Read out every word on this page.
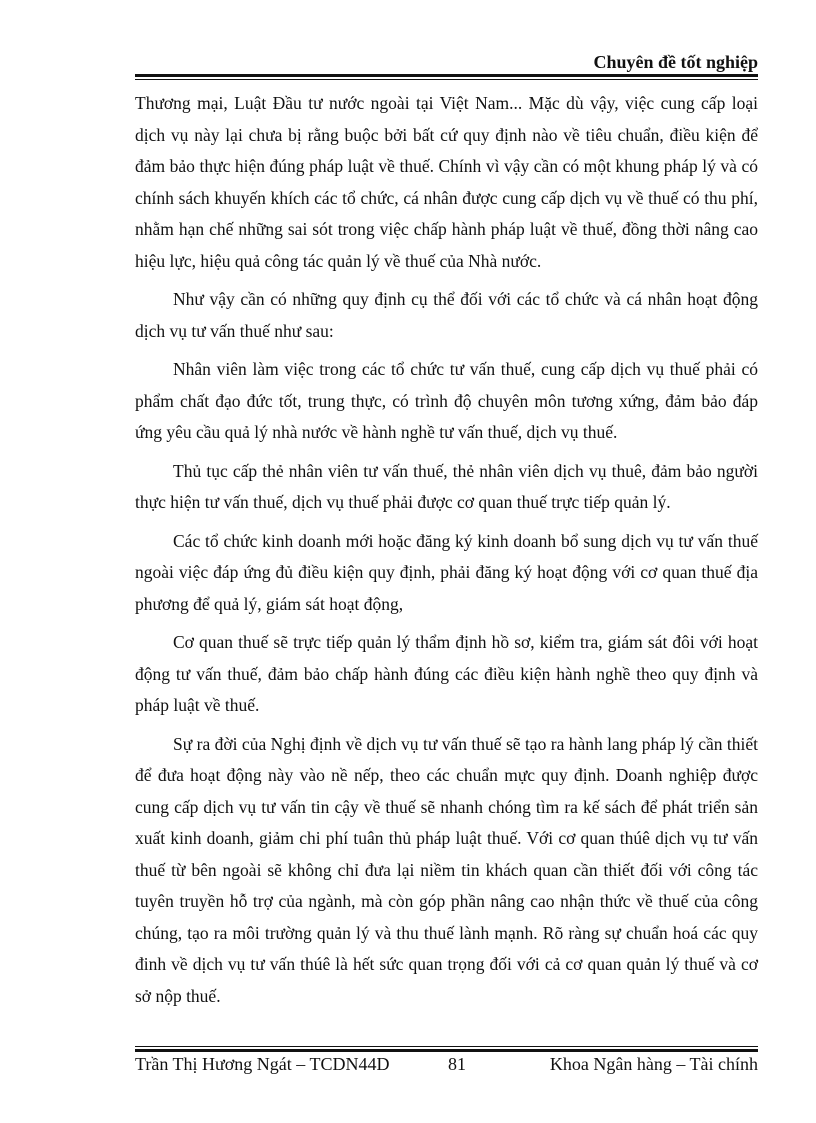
Chuyên đề tốt nghiệp

Thương mại, Luật Đầu tư nước ngoài tại Việt Nam... Mặc dù vậy, việc cung cấp loại dịch vụ này lại chưa bị rằng buộc bởi bất cứ quy định nào về tiêu chuẩn, điều kiện để đảm bảo thực hiện đúng pháp luật về thuế. Chính vì vậy cần có một khung pháp lý và có chính sách khuyến khích các tổ chức, cá nhân được cung cấp dịch vụ về thuế có thu phí, nhằm hạn chế những sai sót trong việc chấp hành pháp luật về thuế, đồng thời nâng cao hiệu lực, hiệu quả công tác quản lý về thuế của Nhà nước.

Như vậy cần có những quy định cụ thể đối với các tổ chức và cá nhân hoạt động dịch vụ tư vấn thuế như sau:

Nhân viên làm việc trong các tổ chức tư vấn thuế, cung cấp dịch vụ thuế phải có phẩm chất đạo đức tốt, trung thực, có trình độ chuyên môn tương xứng, đảm bảo đáp ứng yêu cầu quả lý nhà nước về hành nghề tư vấn thuế, dịch vụ thuế.

Thủ tục cấp thẻ nhân viên tư vấn thuế, thẻ nhân viên dịch vụ thuê, đảm bảo người thực hiện tư vấn thuế, dịch vụ thuế phải được cơ quan thuế trực tiếp quản lý.

Các tổ chức kinh doanh mới hoặc đăng ký kinh doanh bổ sung dịch vụ tư vấn thuế ngoài việc đáp ứng đủ điều kiện quy định, phải đăng ký hoạt động với cơ quan thuế địa phương để quả lý, giám sát hoạt động,

Cơ quan thuế sẽ trực tiếp quản lý thẩm định hồ sơ, kiểm tra, giám sát đôi với hoạt động tư vấn thuế, đảm bảo chấp hành đúng các điều kiện hành nghề theo quy định và pháp luật về thuế.

Sự ra đời của Nghị định về dịch vụ tư vấn thuế sẽ tạo ra hành lang pháp lý cần thiết để đưa hoạt động này vào nề nếp, theo các chuẩn mực quy định. Doanh nghiệp được cung cấp dịch vụ tư vấn tin cậy về thuế sẽ nhanh chóng tìm ra kế sách để phát triển sản xuất kinh doanh, giảm chi phí tuân thủ pháp luật thuế. Với cơ quan thúê dịch vụ tư vấn thuế từ bên ngoài sẽ không chỉ đưa lại niềm tin khách quan cần thiết đối với công tác tuyên truyền hỗ trợ của ngành, mà còn góp phần nâng cao nhận thức về thuế của công chúng, tạo ra môi trường quản lý và thu thuế lành mạnh. Rõ ràng sự chuẩn hoá các quy đinh về dịch vụ tư vấn thúê là hết sức quan trọng đối với cả cơ quan quản lý thuế và cơ sở nộp thuế.

Trần Thị Hương Ngát – TCDN44D	81	Khoa Ngân hàng – Tài chính
